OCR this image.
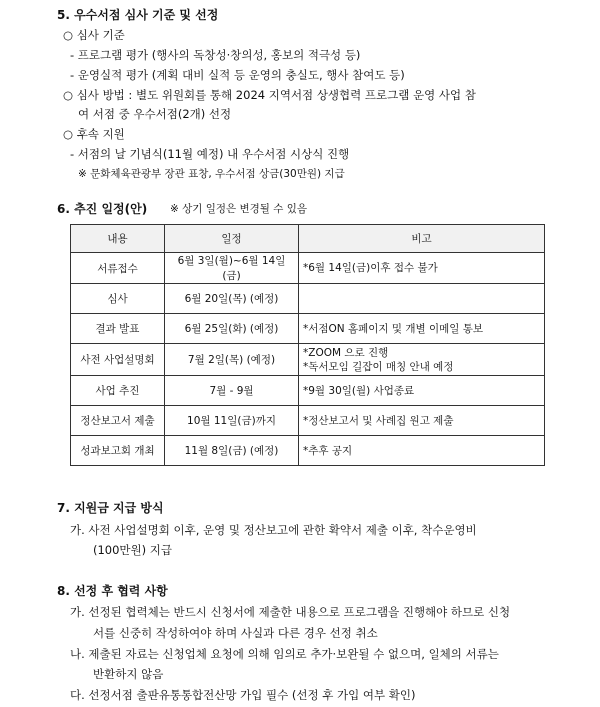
5. 우수서점 심사 기준 및 선정
○ 심사 기준
- 프로그램 평가 (행사의 독창성·창의성, 홍보의 적극성 등)
- 운영실적 평가 (계획 대비 실적 등 운영의 충실도, 행사 참여도 등)
○ 심사 방법 : 별도 위원회를 통해 2024 지역서점 상생협력 프로그램 운영 사업 참
여 서점 중 우수서점(2개) 선정
○ 후속 지원
- 서점의 날 기념식(11월 예정) 내 우수서점 시상식 진행
※ 문화체육관광부 장관 표창, 우수서점 상금(30만원) 지급
6. 추진 일정(안) ※ 상기 일정은 변경될 수 있음
내용	일정	비고
서류접수	6월 3일(월)~6월 14일(금)	*6월 14일(금)이후 접수 불가
심사	6월 20일(목) (예정)	
결과 발표	6월 25일(화) (예정)	*서점ON 홈페이지 및 개별 이메일 통보
사전 사업설명회	7월 2일(목) (예정)	*ZOOM 으로 진행
*독서모임 길잡이 매칭 안내 예정

사업 추진	7월 - 9월	*9월 30일(월) 사업종료
정산보고서 제출	10월 11일(금)까지	*정산보고서 및 사례집 원고 제출
성과보고회 개최	11월 8일(금) (예정)	*추후 공지
7. 지원금 지급 방식
가. 사전 사업설명회 이후, 운영 및 정산보고에 관한 확약서 제출 이후, 착수운영비
(100만원) 지급
8. 선정 후 협력 사항
가. 선정된 협력체는 반드시 신청서에 제출한 내용으로 프로그램을 진행해야 하므로 신청
서를 신중히 작성하여야 하며 사실과 다른 경우 선정 취소
나. 제출된 자료는 신청업체 요청에 의해 임의로 추가·보완될 수 없으며, 일체의 서류는
반환하지 않음
다. 선정서점 출판유통통합전산망 가입 필수 (선정 후 가입 여부 확인)
